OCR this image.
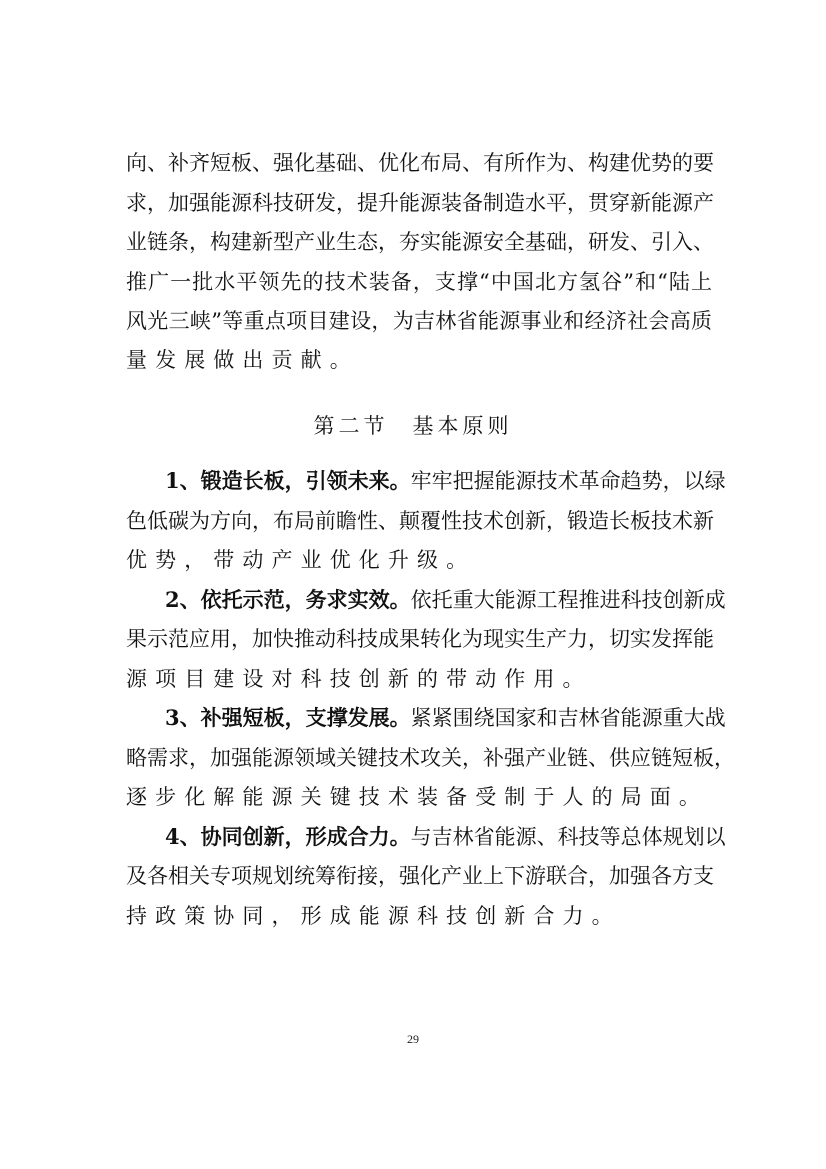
向、补齐短板、强化基础、优化布局、有所作为、构建优势的要
求，加强能源科技研发，提升能源装备制造水平，贯穿新能源产
业链条，构建新型产业生态，夯实能源安全基础，研发、引入、
推广一批水平领先的技术装备，支撑“中国北方氢谷”和“陆上
风光三峡”等重点项目建设，为吉林省能源事业和经济社会高质
量发展做出贡献。
第二节 基本原则
1、锻造长板，引领未来。牢牢把握能源技术革命趋势，以绿
色低碳为方向，布局前瞻性、颠覆性技术创新，锻造长板技术新
优势，带动产业优化升级。
2、依托示范，务求实效。依托重大能源工程推进科技创新成
果示范应用，加快推动科技成果转化为现实生产力，切实发挥能
源项目建设对科技创新的带动作用。
3、补强短板，支撑发展。紧紧围绕国家和吉林省能源重大战
略需求，加强能源领域关键技术攻关，补强产业链、供应链短板，
逐步化解能源关键技术装备受制于人的局面。
4、协同创新，形成合力。与吉林省能源、科技等总体规划以
及各相关专项规划统筹衔接，强化产业上下游联合，加强各方支
持政策协同，形成能源科技创新合力。
29
